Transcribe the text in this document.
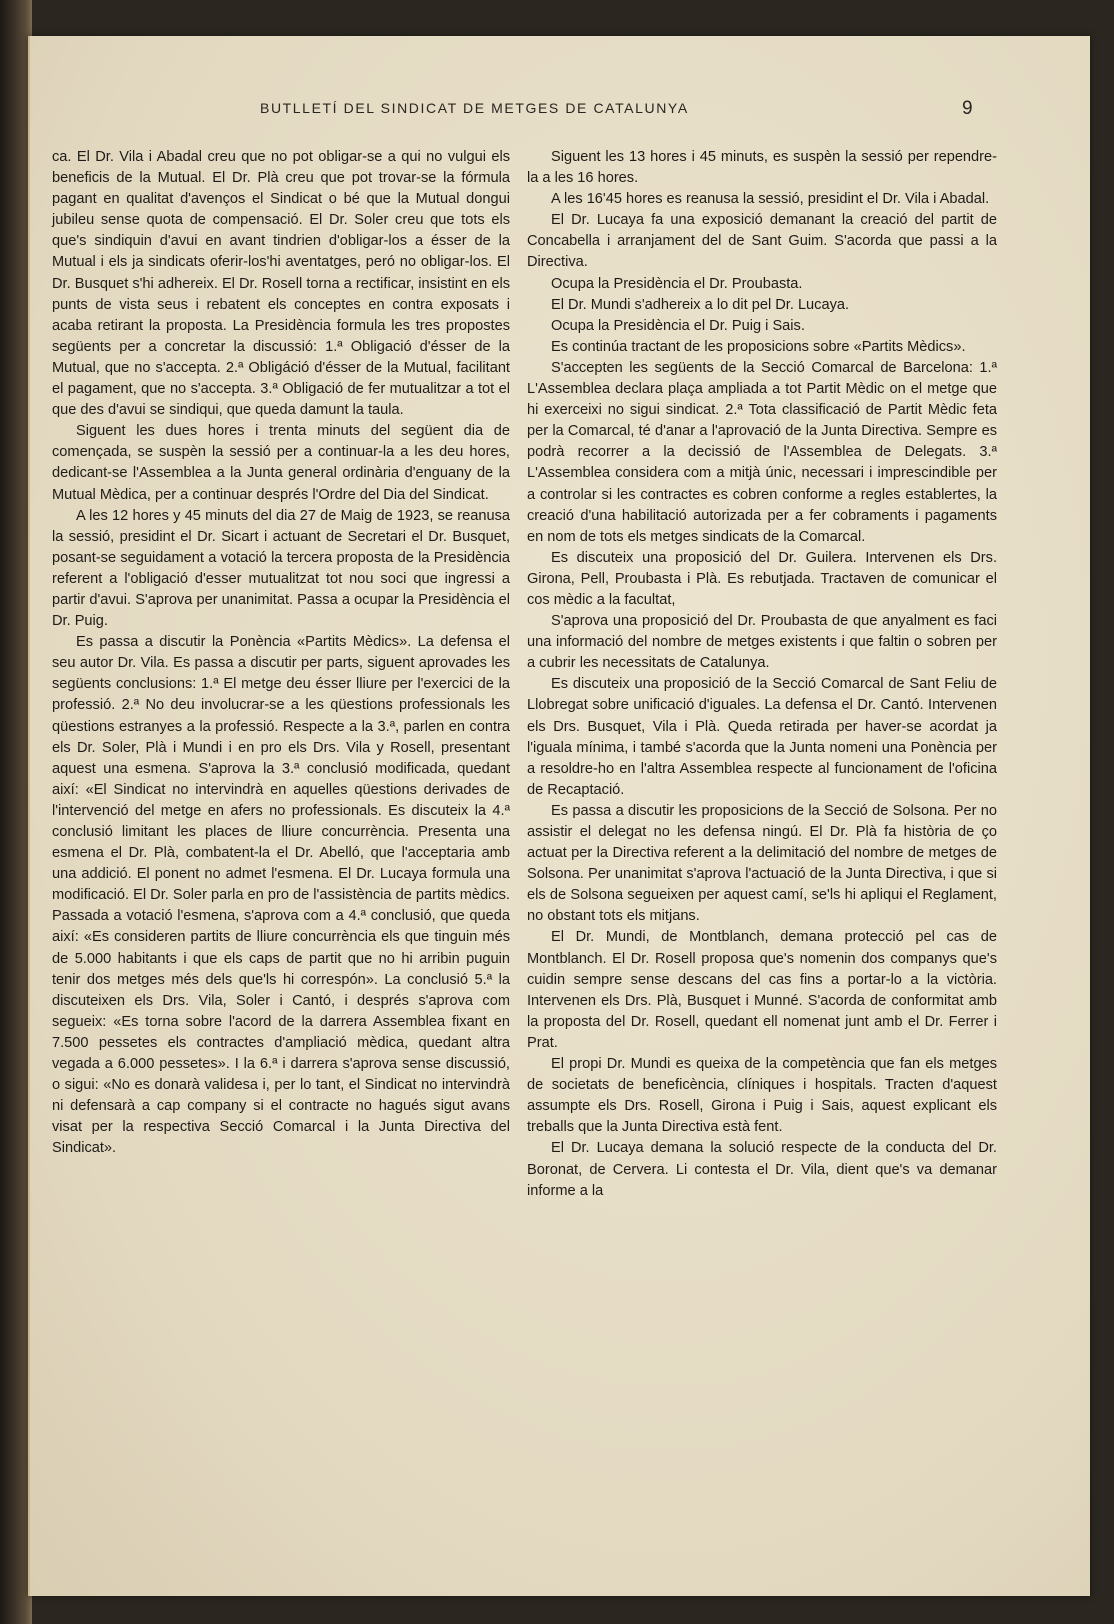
BUTLLETÍ DEL SINDICAT DE METGES DE CATALUNYA	9

ca. El Dr. Vila i Abadal creu que no pot obligar-se a qui no vulgui els beneficis de la Mutual. El Dr. Plà creu que pot trovar-se la fórmula pagant en qualitat d'avenços el Sindicat o bé que la Mutual dongui jubileu sense quota de compensació. El Dr. Soler creu que tots els que's sindiquin d'avui en avant tindrien d'obligar-los a ésser de la Mutual i els ja sindicats oferir-los'hi aventatges, peró no obligar-los. El Dr. Busquet s'hi adhereix. El Dr. Rosell torna a rectificar, insistint en els punts de vista seus i rebatent els conceptes en contra exposats i acaba retirant la proposta. La Presidència formula les tres propostes següents per a concretar la discussió: 1.ª Obligació d'ésser de la Mutual, que no s'accepta. 2.ª Obligáció d'ésser de la Mutual, facilitant el pagament, que no s'accepta. 3.ª Obligació de fer mutualitzar a tot el que des d'avui se sindiqui, que queda damunt la taula.

Siguent les dues hores i trenta minuts del següent dia de començada, se suspèn la sessió per a continuar-la a les deu hores, dedicant-se l'Assemblea a la Junta general ordinària d'enguany de la Mutual Mèdica, per a continuar després l'Ordre del Dia del Sindicat.

A les 12 hores y 45 minuts del dia 27 de Maig de 1923, se reanusa la sessió, presidint el Dr. Sicart i actuant de Secretari el Dr. Busquet, posant-se seguidament a votació la tercera proposta de la Presidència referent a l'obligació d'esser mutualitzat tot nou soci que ingressi a partir d'avui. S'aprova per unanimitat. Passa a ocupar la Presidència el Dr. Puig.

Es passa a discutir la Ponència «Partits Mèdics». La defensa el seu autor Dr. Vila. Es passa a discutir per parts, siguent aprovades les següents conclusions: 1.ª El metge deu ésser lliure per l'exercici de la professió. 2.ª No deu involucrar-se a les qüestions professionals les qüestions estranyes a la professió. Respecte a la 3.ª, parlen en contra els Dr. Soler, Plà i Mundi i en pro els Drs. Vila y Rosell, presentant aquest una esmena. S'aprova la 3.ª conclusió modificada, quedant així: «El Sindicat no intervindrà en aquelles qüestions derivades de l'intervenció del metge en afers no professionals. Es discuteix la 4.ª conclusió limitant les places de lliure concurrència. Presenta una esmena el Dr. Plà, combatent-la el Dr. Abelló, que l'acceptaria amb una addició. El ponent no admet l'esmena. El Dr. Lucaya formula una modificació. El Dr. Soler parla en pro de l'assistència de partits mèdics. Passada a votació l'esmena, s'aprova com a 4.ª conclusió, que queda així: «Es consideren partits de lliure concurrència els que tinguin més de 5.000 habitants i que els caps de partit que no hi arribin puguin tenir dos metges més dels que'ls hi correspón». La conclusió 5.ª la discuteixen els Drs. Vila, Soler i Cantó, i després s'aprova com segueix: «Es torna sobre l'acord de la darrera Assemblea fixant en 7.500 pessetes els contractes d'ampliació mèdica, quedant altra vegada a 6.000 pessetes». I la 6.ª i darrera s'aprova sense discussió, o sigui: «No es donarà validesa i, per lo tant, el Sindicat no intervindrà ni defensarà a cap company si el contracte no hagués sigut avans visat per la respectiva Secció Comarcal i la Junta Directiva del Sindicat».

Siguent les 13 hores i 45 minuts, es suspèn la sessió per rependre-la a les 16 hores.

A les 16'45 hores es reanusa la sessió, presidint el Dr. Vila i Abadal.

El Dr. Lucaya fa una exposició demanant la creació del partit de Concabella i arranjament del de Sant Guim. S'acorda que passi a la Directiva.

Ocupa la Presidència el Dr. Proubasta.

El Dr. Mundi s'adhereix a lo dit pel Dr. Lucaya.

Ocupa la Presidència el Dr. Puig i Sais.

Es continúa tractant de les proposicions sobre «Partits Mèdics».

S'accepten les següents de la Secció Comarcal de Barcelona: 1.ª L'Assemblea declara plaça ampliada a tot Partit Mèdic on el metge que hi exerceixi no sigui sindicat. 2.ª Tota classificació de Partit Mèdic feta per la Comarcal, té d'anar a l'aprovació de la Junta Directiva. Sempre es podrà recorrer a la decissió de l'Assemblea de Delegats. 3.ª L'Assemblea considera com a mitjà únic, necessari i imprescindible per a controlar si les contractes es cobren conforme a regles establertes, la creació d'una habilitació autorizada per a fer cobraments i pagaments en nom de tots els metges sindicats de la Comarcal.

Es discuteix una proposició del Dr. Guilera. Intervenen els Drs. Girona, Pell, Proubasta i Plà. Es rebutjada. Tractaven de comunicar el cos mèdic a la facultat,

S'aprova una proposició del Dr. Proubasta de que anyalment es faci una informació del nombre de metges existents i que faltin o sobren per a cubrir les necessitats de Catalunya.

Es discuteix una proposició de la Secció Comarcal de Sant Feliu de Llobregat sobre unificació d'iguales. La defensa el Dr. Cantó. Intervenen els Drs. Busquet, Vila i Plà. Queda retirada per haver-se acordat ja l'iguala mínima, i també s'acorda que la Junta nomeni una Ponència per a resoldre-ho en l'altra Assemblea respecte al funcionament de l'oficina de Recaptació.

Es passa a discutir les proposicions de la Secció de Solsona. Per no assistir el delegat no les defensa ningú. El Dr. Plà fa història de ço actuat per la Directiva referent a la delimitació del nombre de metges de Solsona. Per unanimitat s'aprova l'actuació de la Junta Directiva, i que si els de Solsona segueixen per aquest camí, se'ls hi apliqui el Reglament, no obstant tots els mitjans.

El Dr. Mundi, de Montblanch, demana protecció pel cas de Montblanch. El Dr. Rosell proposa que's nomenin dos companys que's cuidin sempre sense descans del cas fins a portar-lo a la victòria. Intervenen els Drs. Plà, Busquet i Munné. S'acorda de conformitat amb la proposta del Dr. Rosell, quedant ell nomenat junt amb el Dr. Ferrer i Prat.

El propi Dr. Mundi es queixa de la competència que fan els metges de societats de beneficència, clíniques i hospitals. Tracten d'aquest assumpte els Drs. Rosell, Girona i Puig i Sais, aquest explicant els treballs que la Junta Directiva està fent.

El Dr. Lucaya demana la solució respecte de la conducta del Dr. Boronat, de Cervera. Li contesta el Dr. Vila, dient que's va demanar informe a la
